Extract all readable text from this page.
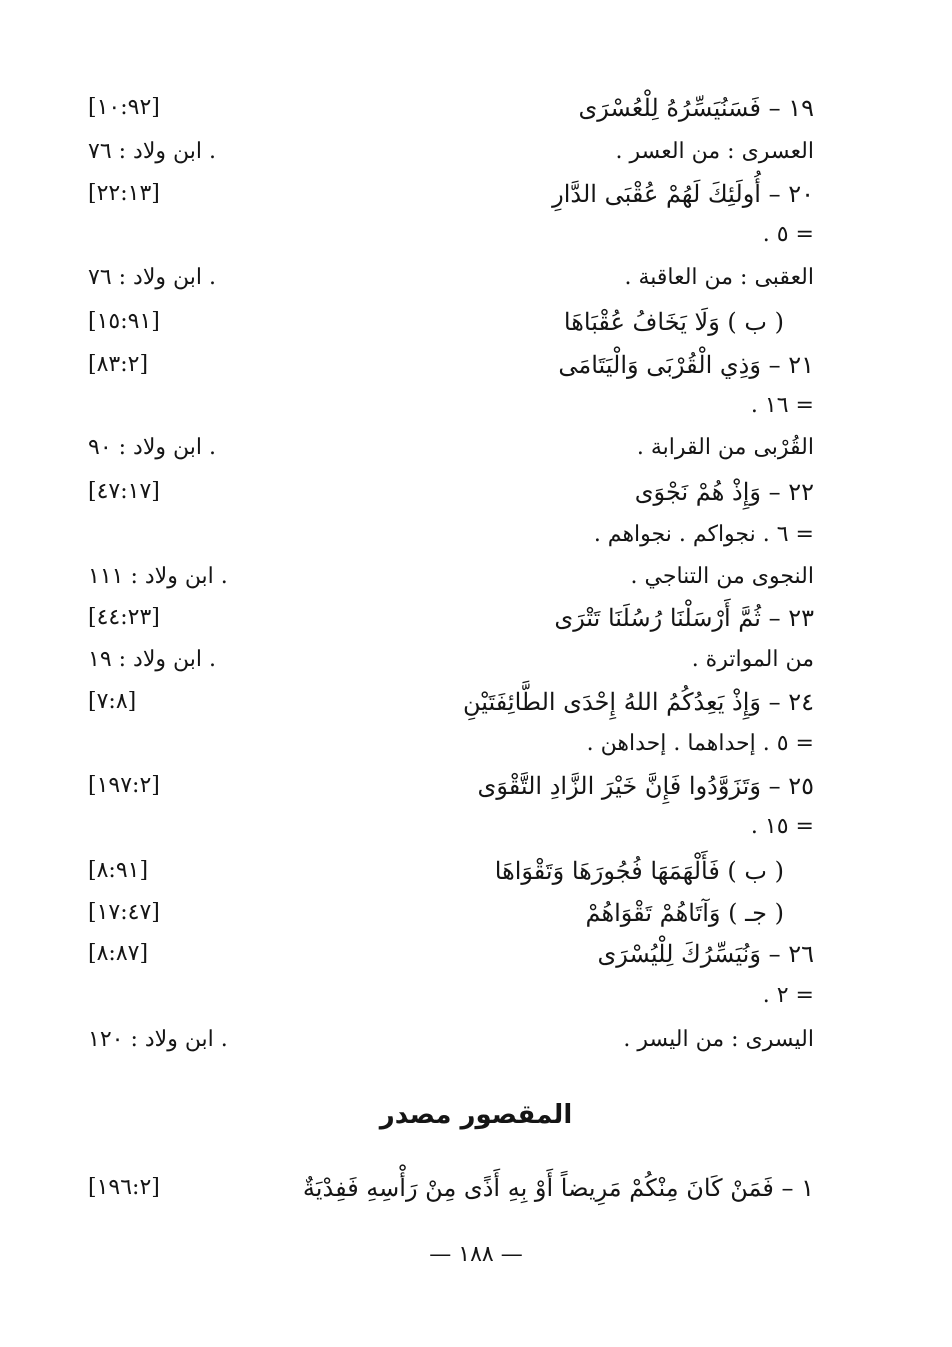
١٩ – فَسَنُيَسِّرُهُ لِلْعُسْرَى
[١٠:٩٢]
العسرى : من العسر .
ابن ولاد : ٧٦ .
٢٠ – أُولَئِكَ لَهُمْ عُقْبَى الدَّارِ
[٢٢:١٣]
= ٥ .
العقبى : من العاقبة .
ابن ولاد : ٧٦ .
( ب ) وَلَا يَخَافُ عُقْبَاهَا
[١٥:٩١]
٢١ – وَذِي الْقُرْبَى وَالْيَتَامَى
[٨٣:٢]
= ١٦ .
القُرْبى من القرابة .
ابن ولاد : ٩٠ .
٢٢ – وَإِذْ هُمْ نَجْوَى
[٤٧:١٧]
= ٦ . نجواكم . نجواهم .
النجوى من التناجي .
ابن ولاد : ١١١ .
٢٣ – ثُمَّ أَرْسَلْنَا رُسُلَنَا تَتْرَى
[٤٤:٢٣]
من المواترة .
ابن ولاد : ١٩ .
٢٤ – وَإِذْ يَعِدُكُمُ اللهُ إِحْدَى الطَّائِفَتَيْنِ
[٧:٨]
= ٥ . إحداهما . إحداهن .
٢٥ – وَتَزَوَّدُوا فَإِنَّ خَيْرَ الزَّادِ التَّقْوَى
[١٩٧:٢]
= ١٥ .
( ب ) فَأَلْهَمَهَا فُجُورَهَا وَتَقْوَاهَا
[٨:٩١]
( جـ ) وَآتَاهُمْ تَقْوَاهُمْ
[١٧:٤٧]
٢٦ – وَنُيَسِّرُكَ لِلْيُسْرَى
[٨:٨٧]
= ٢ .
اليسرى : من اليسر .
ابن ولاد : ١٢٠ .
المقصور مصدر
١ – فَمَنْ كَانَ مِنْكُمْ مَرِيضاً أَوْ بِهِ أَذًى مِنْ رَأْسِهِ فَفِدْيَةٌ
[١٩٦:٢]
— ١٨٨ —
